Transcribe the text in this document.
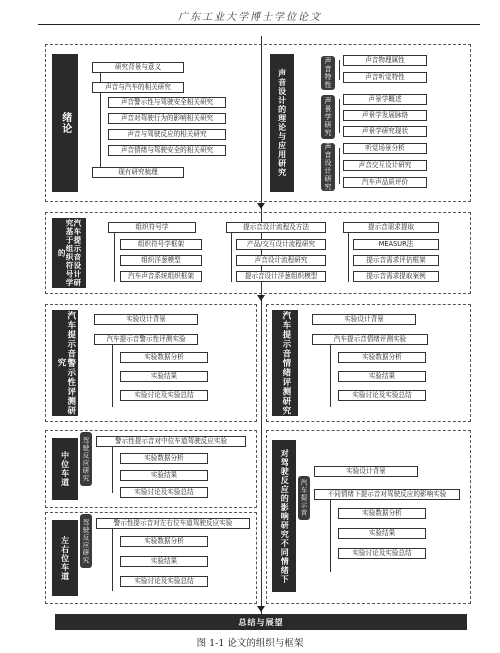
广东工业大学博士学位论文
绪论
研究背景与意义
声音与汽车的相关研究
声音警示性与驾驶安全相关研究
声音对驾驶行为的影响相关研究
声音与驾驶反应的相关研究
声音情绪与驾驶安全的相关研究
现有研究梳理	声音设计的理论与应用研究	声音特性	声音物理属性
声音听觉特性
声景学研究	声景学概述
声景学发展脉络
声景学研究现状
声音设计研究	听觉场景分析
声音交互设计研究
汽车声品质评价
汽车提示音设计研究基于组织符号学的
组织符号学
组织符号学框架
组织洋葱模型
汽车声音系统组织框架
提示音设计流程及方法
产品/交互设计流程研究
声音设计流程研究
提示音设计洋葱组织模型
提示音需求提取
MEASUR法
提示音需求评估框架
提示音需求提取案例
汽车提示音警示性评测研究
实验设计背景
汽车提示音警示性评测实验
实验数据分析
实验结果
实验讨论及实验总结	汽车提示音情绪评测研究	实验设计背景
汽车提示音情绪评测实验
实验数据分析
实验结果
实验讨论及实验总结
中位车道 驾驶反应研究	警示性提示音对中位车道驾驶反应实验
实验数据分析
实验结果
实验讨论及实验总结
左右位车道 驾驶反应研究	警示性提示音对左右位车道驾驶反应实验
实验数据分析
实验结果
实验讨论及实验总结	对驾驶反应的影响研究不同情绪下 汽车提示音
实验设计背景
不同情绪下提示音对驾驶反应的影响实验
实验数据分析
实验结果
实验讨论及实验总结
总结与展望
图 1-1 论文的组织与框架
